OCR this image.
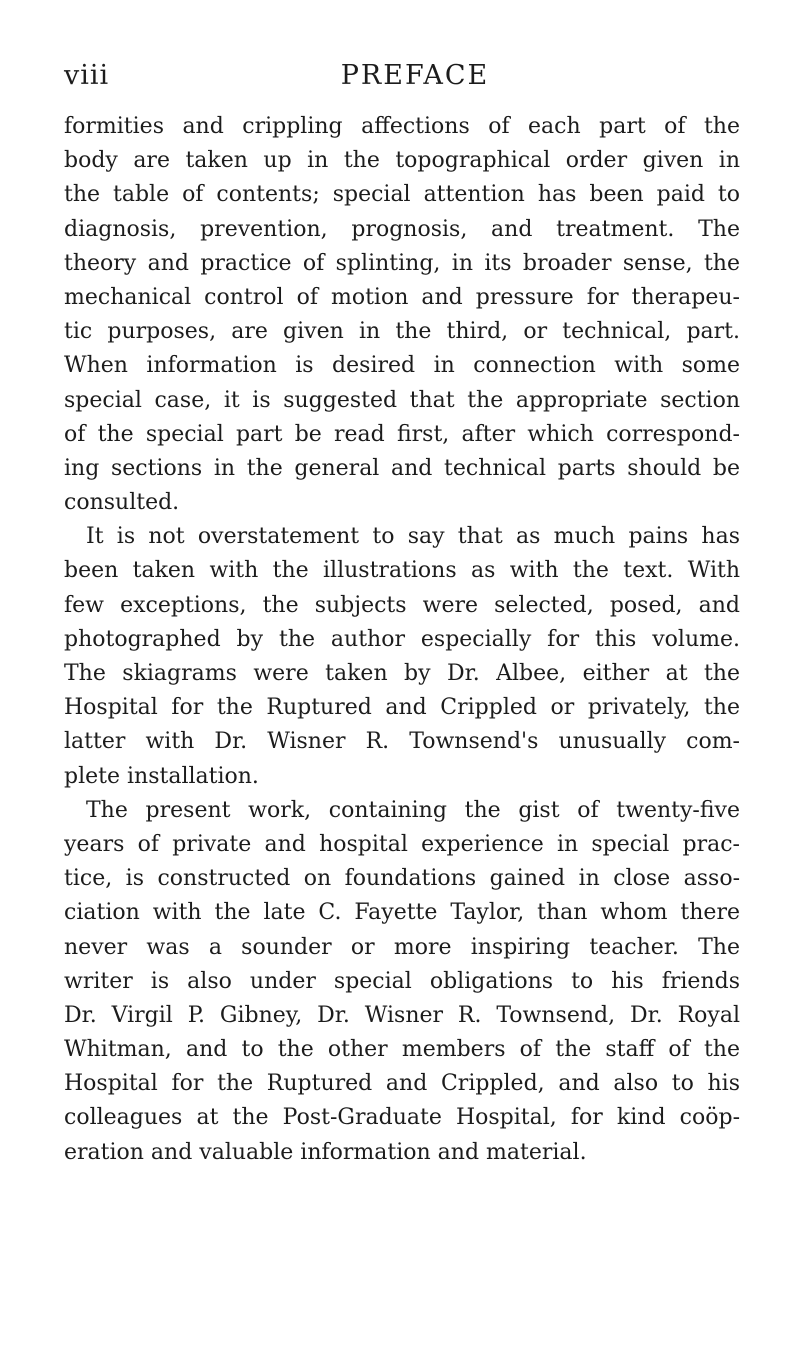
viii	PREFACE
formities and crippling affections of each part of the
body are taken up in the topographical order given in
the table of contents; special attention has been paid to
diagnosis, prevention, prognosis, and treatment. The
theory and practice of splinting, in its broader sense, the
mechanical control of motion and pressure for therapeu-
tic purposes, are given in the third, or technical, part.
When information is desired in connection with some
special case, it is suggested that the appropriate section
of the special part be read first, after which correspond-
ing sections in the general and technical parts should be
consulted.
It is not overstatement to say that as much pains has
been taken with the illustrations as with the text. With
few exceptions, the subjects were selected, posed, and
photographed by the author especially for this volume.
The skiagrams were taken by Dr. Albee, either at the
Hospital for the Ruptured and Crippled or privately, the
latter with Dr. Wisner R. Townsend's unusually com-
plete installation.
The present work, containing the gist of twenty-five
years of private and hospital experience in special prac-
tice, is constructed on foundations gained in close asso-
ciation with the late C. Fayette Taylor, than whom there
never was a sounder or more inspiring teacher. The
writer is also under special obligations to his friends
Dr. Virgil P. Gibney, Dr. Wisner R. Townsend, Dr. Royal
Whitman, and to the other members of the staff of the
Hospital for the Ruptured and Crippled, and also to his
colleagues at the Post-Graduate Hospital, for kind coöp-
eration and valuable information and material.
